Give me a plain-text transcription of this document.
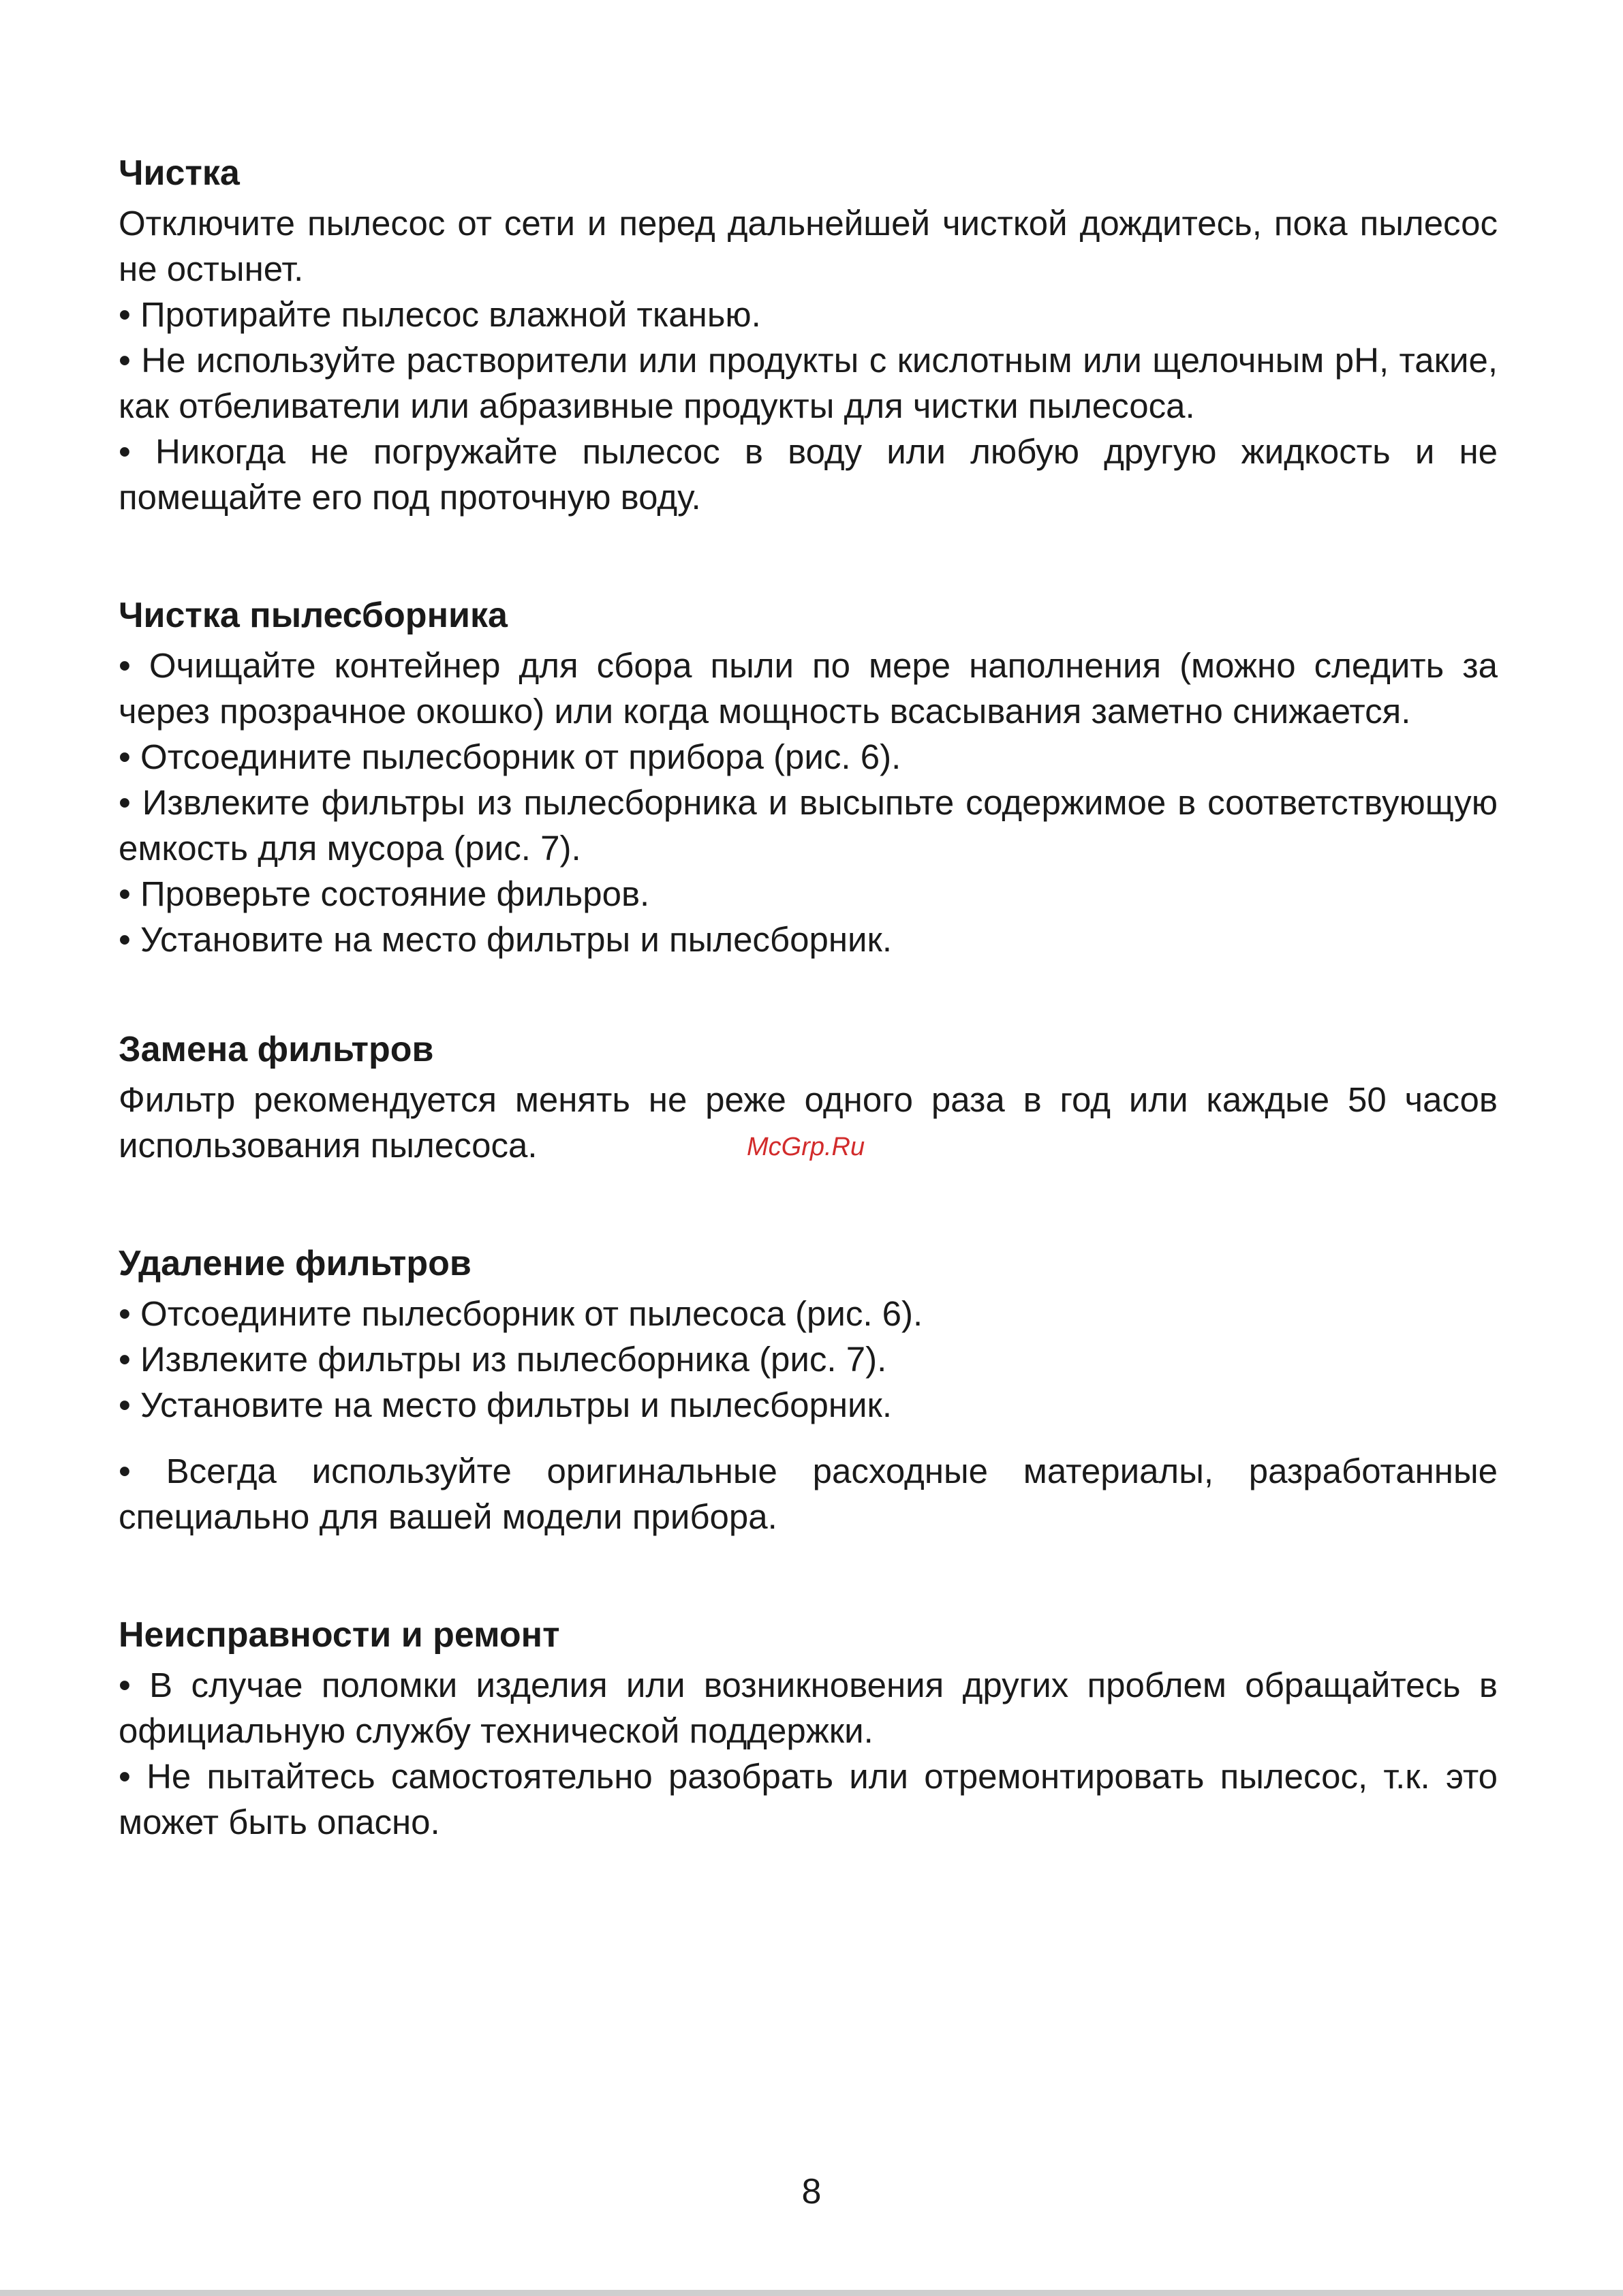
Чистка

Отключите пылесос от сети и перед дальнейшей чисткой дождитесь, пока пылесос не остынет.

• Протирайте пылесос влажной тканью.

• Не используйте растворители или продукты с кислотным или щелочным pH, такие, как отбеливатели или абразивные продукты для чистки пылесоса.

• Никогда не погружайте пылесос в воду или любую другую жидкость и не помещайте его под проточную воду.

Чистка пылесборника

• Очищайте контейнер для сбора пыли по мере наполнения (можно следить за через прозрачное окошко) или когда мощность всасывания заметно снижается.

• Отсоедините пылесборник от прибора (рис. 6).

• Извлеките фильтры из пылесборника и высыпьте содержимое в соответствующую емкость для мусора (рис. 7).

• Проверьте состояние фильров.

• Установите на место фильтры и пылесборник.

Замена фильтров

Фильтр рекомендуется менять не реже одного раза в год или каждые 50 часов использования пылесоса.

Удаление фильтров

• Отсоедините пылесборник от пылесоса (рис. 6).

• Извлеките фильтры из пылесборника (рис. 7).

• Установите на место фильтры и пылесборник.

• Всегда используйте оригинальные расходные материалы, разработанные специально для вашей модели прибора.

Неисправности и ремонт

• В случае поломки изделия или возникновения других проблем обращайтесь в официальную службу технической поддержки.

• Не пытайтесь самостоятельно разобрать или отремонтировать пылесос, т.к. это может быть опасно.

McGrp.Ru
8
